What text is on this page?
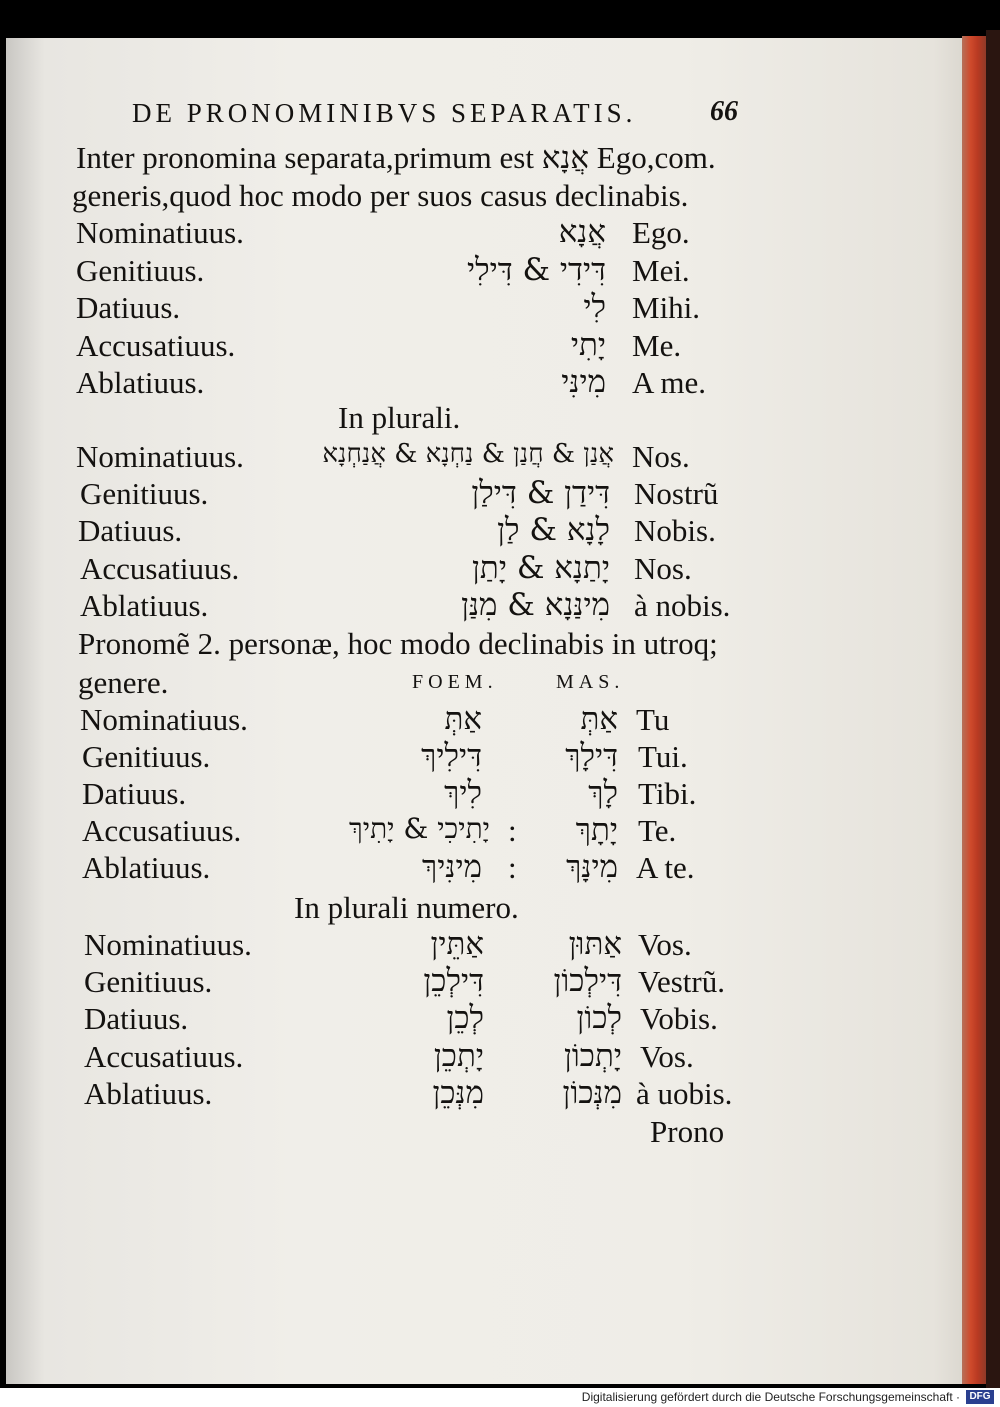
DE PRONOMINIBVS SEPARATIS.	66
Inter pronomina separata,primum est אֲנָא Ego,com.
generis,quod hoc modo per suos casus declinabis.
Nominatiuus.	אֲנָא Ego.
Genitiuus.	דִּידִי & דִּילִי Mei.
Datiuus.	לִי Mihi.
Accusatiuus.	יָתִי Me.
Ablatiuus.	מִינִּי A me.
In plurali.
Nominatiuus.	אֲנַן & חֲנַן & נַחְנָא & אֲנַחְנָא Nos.
Genitiuus.	דִּידַן & דִּילַן Nostrũ
Datiuus.	לָנָא & לַן Nobis.
Accusatiuus.	יָתַנָא & יָתַן Nos.
Ablatiuus.	מִינַּנָא & מִנַּן à nobis.
Pronomẽ 2. personæ, hoc modo declinabis in utroq;
genere.	FOEM.	MAS.
Nominatiuus.	אַתְּ	אַתְּ Tu
Genitiuus.	דִּילִיךְ	דִּילָךְ Tui.
Datiuus.	לִיךְ	לָךְ Tibi.
Accusatiuus.	יָתִיכִי & יָתִיךְ :	יָתָךְ Te.
Ablatiuus.	מִינִּיךְ :	מִינָּךְ A te.
In plurali numero.
Nominatiuus.	אַתֵּין	אַתּוּן Vos.
Genitiuus.	דִּילְכֵן	דִּילְכוֹן Vestrũ.
Datiuus.	לְכֵן	לְכוֹן Vobis.
Accusatiuus.	יָתְכֵן	יָתְכוֹן Vos.
Ablatiuus.	מִנְּכֵן	מִנְּכוֹן à uobis.
Prono
Digitalisierung gefördert durch die Deutsche Forschungsgemeinschaft · DFG
